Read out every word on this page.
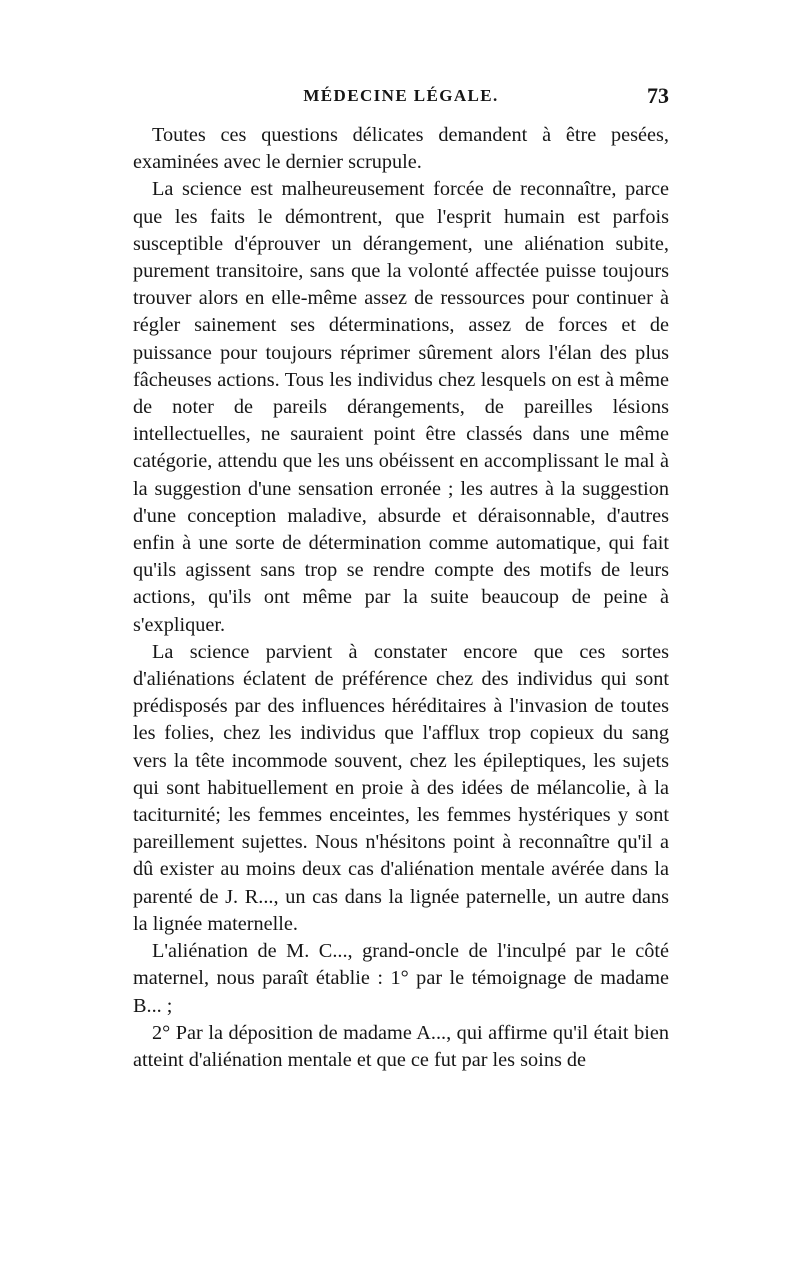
MÉDECINE LÉGALE.	73

Toutes ces questions délicates demandent à être pesées, examinées avec le dernier scrupule.

La science est malheureusement forcée de reconnaître, parce que les faits le démontrent, que l'esprit humain est parfois susceptible d'éprouver un dérangement, une aliénation subite, purement transitoire, sans que la volonté affectée puisse toujours trouver alors en elle-même assez de ressources pour continuer à régler sainement ses déterminations, assez de forces et de puissance pour toujours réprimer sûrement alors l'élan des plus fâcheuses actions. Tous les individus chez lesquels on est à même de noter de pareils dérangements, de pareilles lésions intellectuelles, ne sauraient point être classés dans une même catégorie, attendu que les uns obéissent en accomplissant le mal à la suggestion d'une sensation erronée ; les autres à la suggestion d'une conception maladive, absurde et déraisonnable, d'autres enfin à une sorte de détermination comme automatique, qui fait qu'ils agissent sans trop se rendre compte des motifs de leurs actions, qu'ils ont même par la suite beaucoup de peine à s'expliquer.

La science parvient à constater encore que ces sortes d'aliénations éclatent de préférence chez des individus qui sont prédisposés par des influences héréditaires à l'invasion de toutes les folies, chez les individus que l'afflux trop copieux du sang vers la tête incommode souvent, chez les épileptiques, les sujets qui sont habituellement en proie à des idées de mélancolie, à la taciturnité; les femmes enceintes, les femmes hystériques y sont pareillement sujettes. Nous n'hésitons point à reconnaître qu'il a dû exister au moins deux cas d'aliénation mentale avérée dans la parenté de J. R..., un cas dans la lignée paternelle, un autre dans la lignée maternelle.

L'aliénation de M. C..., grand-oncle de l'inculpé par le côté maternel, nous paraît établie : 1° par le témoignage de madame B... ;

2° Par la déposition de madame A..., qui affirme qu'il était bien atteint d'aliénation mentale et que ce fut par les soins de
